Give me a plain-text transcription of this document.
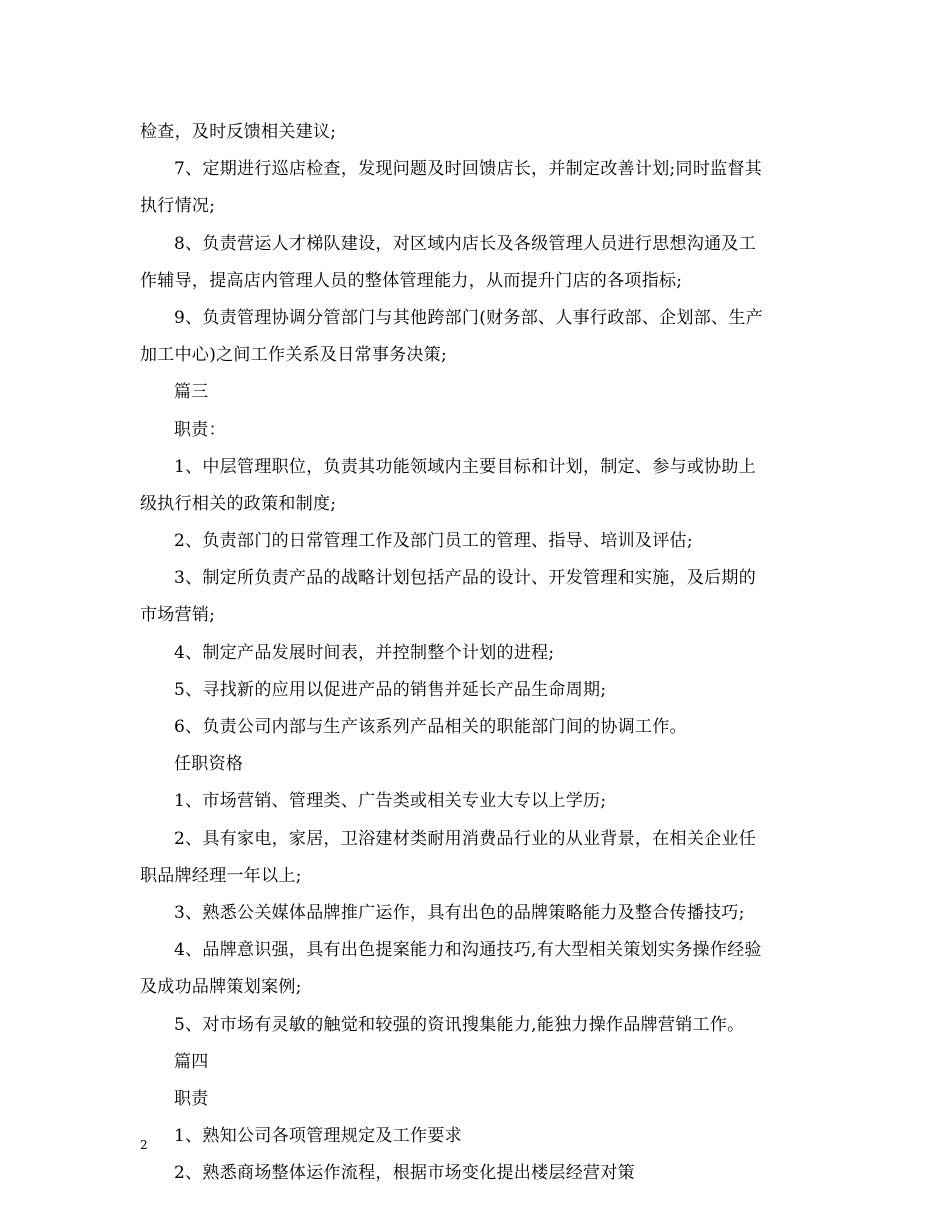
检查，及时反馈相关建议;
7、定期进行巡店检查，发现问题及时回馈店长，并制定改善计划;同时监督其
执行情况;
8、负责营运人才梯队建设，对区域内店长及各级管理人员进行思想沟通及工
作辅导，提高店内管理人员的整体管理能力，从而提升门店的各项指标;
9、负责管理协调分管部门与其他跨部门(财务部、人事行政部、企划部、生产
加工中心)之间工作关系及日常事务决策;
篇三
职责：
1、中层管理职位，负责其功能领域内主要目标和计划，制定、参与或协助上
级执行相关的政策和制度;
2、负责部门的日常管理工作及部门员工的管理、指导、培训及评估;
3、制定所负责产品的战略计划包括产品的设计、开发管理和实施，及后期的
市场营销;
4、制定产品发展时间表，并控制整个计划的进程;
5、寻找新的应用以促进产品的销售并延长产品生命周期;
6、负责公司内部与生产该系列产品相关的职能部门间的协调工作。
任职资格
1、市场营销、管理类、广告类或相关专业大专以上学历;
2、具有家电，家居，卫浴建材类耐用消费品行业的从业背景，在相关企业任
职品牌经理一年以上;
3、熟悉公关媒体品牌推广运作，具有出色的品牌策略能力及整合传播技巧;
4、品牌意识强，具有出色提案能力和沟通技巧,有大型相关策划实务操作经验
及成功品牌策划案例;
5、对市场有灵敏的触觉和较强的资讯搜集能力,能独力操作品牌营销工作。
篇四
职责
1、熟知公司各项管理规定及工作要求
2、熟悉商场整体运作流程，根据市场变化提出楼层经营对策
2
